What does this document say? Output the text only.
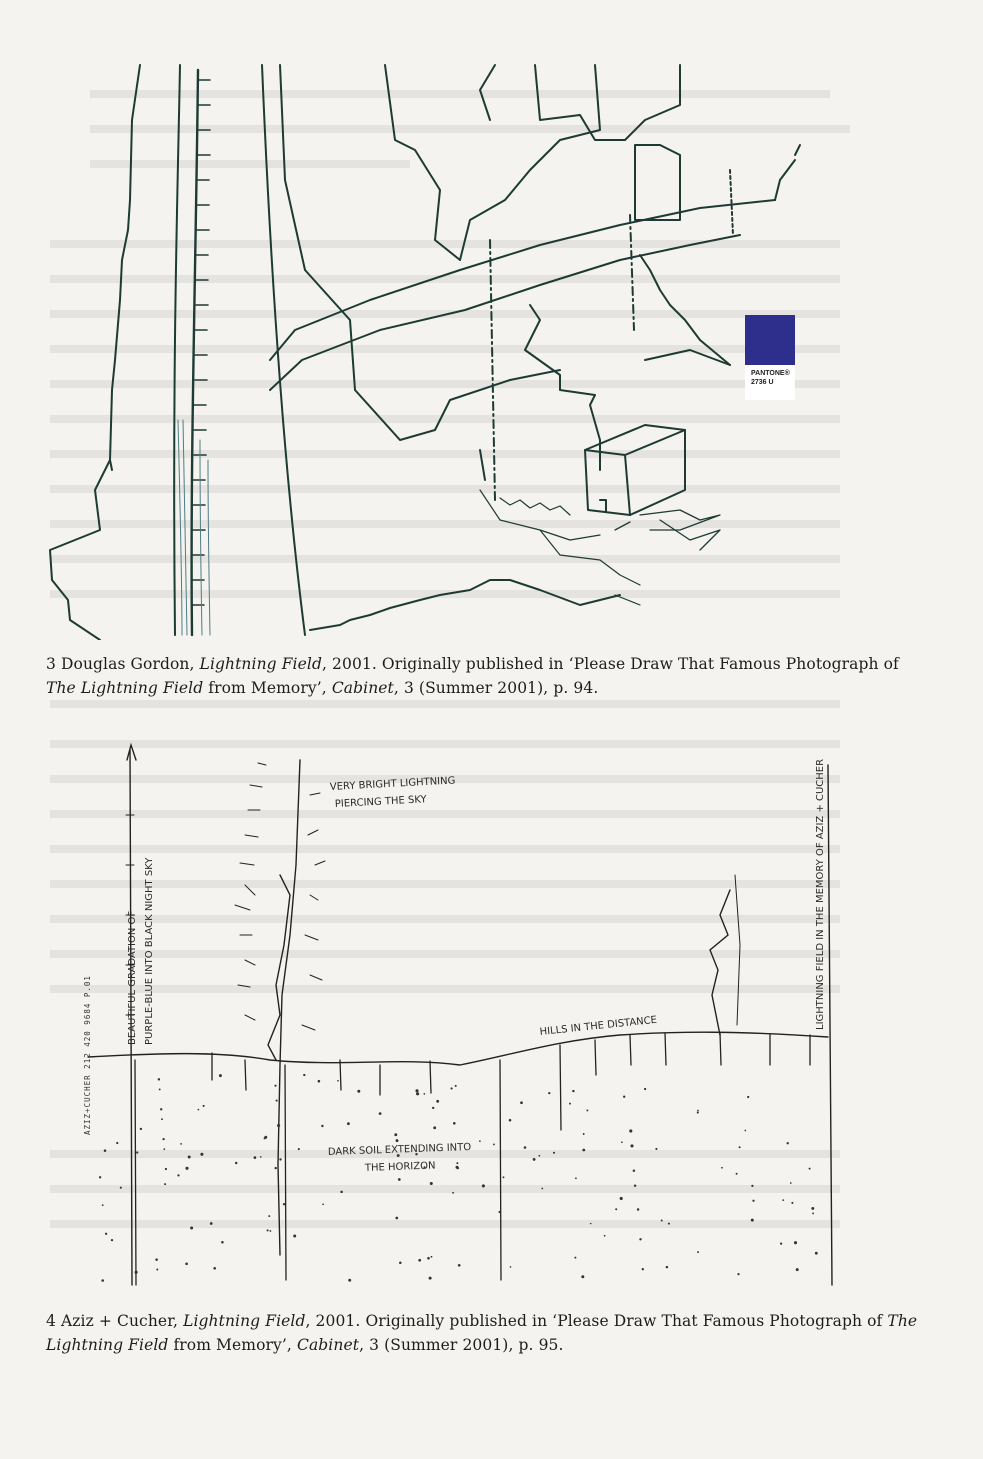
PANTONE®
2736 U
3 Douglas Gordon, Lightning Field, 2001. Originally published in ‘Please Draw That Famous Photograph of The Lightning Field from Memory’, Cabinet, 3 (Summer 2001), p. 94.
VERY BRIGHT LIGHTNING
PIERCING THE SKY
HILLS IN THE DISTANCE
DARK SOIL EXTENDING INTO
THE HORIZON
BEAUTIFUL GRADATION OF PURPLE-BLUE INTO BLACK NIGHT SKY	LIGHTNING FIELD IN THE MEMORY OF AZIZ + CUCHER
AZIZ+CUCHER 212 420 9684 P.01
4 Aziz + Cucher, Lightning Field, 2001. Originally published in ‘Please Draw That Famous Photograph of The Lightning Field from Memory’, Cabinet, 3 (Summer 2001), p. 95.
